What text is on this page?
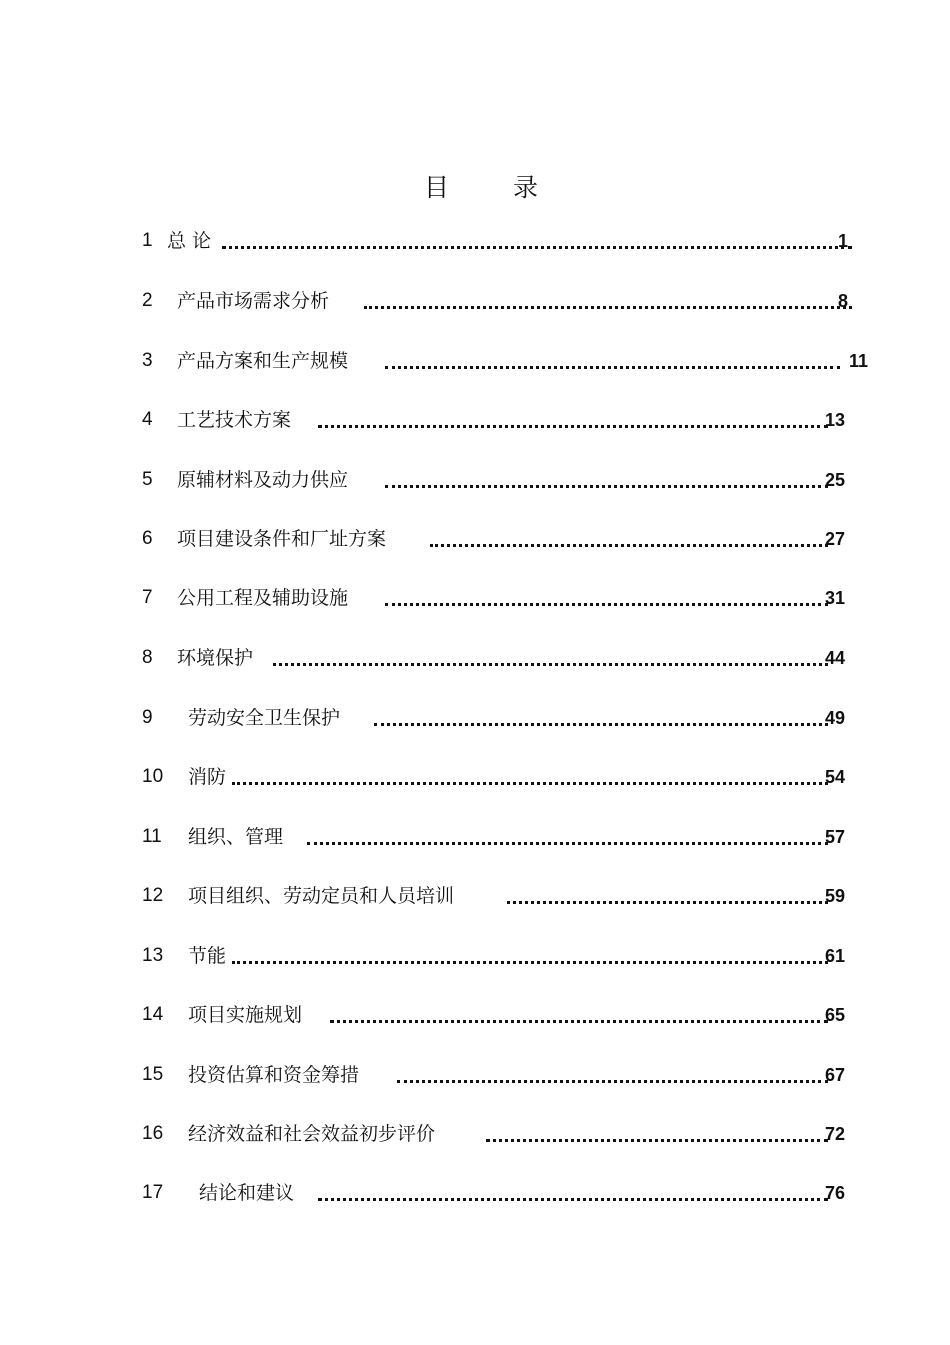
目 录
1 总 论	1
2 产品市场需求分析	8
3 产品方案和生产规模	11
4 工艺技术方案	13
5 原辅材料及动力供应	25
6 项目建设条件和厂址方案	27
7 公用工程及辅助设施	31
8 环境保护	44
9 劳动安全卫生保护	49
10 消防	54
11 组织、管理	57
12 项目组织、劳动定员和人员培训	59
13 节能	61
14 项目实施规划	65
15 投资估算和资金筹措	67
16 经济效益和社会效益初步评价	72
17 结论和建议	76
